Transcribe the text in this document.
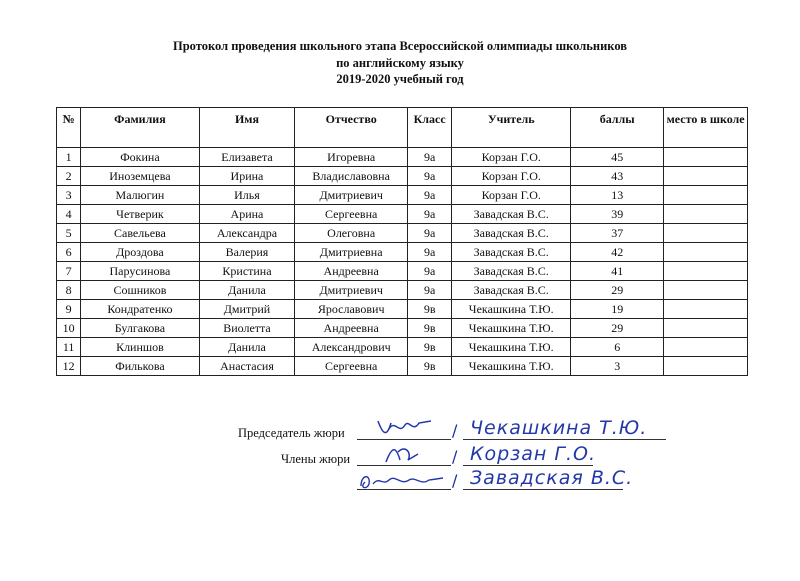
Протокол проведения школьного этапа Всероссийской олимпиады школьников
по английскому языку
2019-2020 учебный год
№	Фамилия	Имя	Отчество	Класс	Учитель	баллы	место в школе
1	Фокина	Елизавета	Игоревна	9а	Корзан Г.О.	45	
2	Иноземцева	Ирина	Владиславовна	9а	Корзан Г.О.	43	
3	Малюгин	Илья	Дмитриевич	9а	Корзан Г.О.	13	
4	Четверик	Арина	Сергеевна	9а	Завадская В.С.	39	
5	Савельева	Александра	Олеговна	9а	Завадская В.С.	37	
6	Дроздова	Валерия	Дмитриевна	9а	Завадская В.С.	42	
7	Парусинова	Кристина	Андреевна	9а	Завадская В.С.	41	
8	Сошников	Данила	Дмитриевич	9а	Завадская В.С.	29	
9	Кондратенко	Дмитрий	Ярославович	9в	Чекашкина Т.Ю.	19	
10	Булгакова	Виолетта	Андреевна	9в	Чекашкина Т.Ю.	29	
11	Клиншов	Данила	Александрович	9в	Чекашкина Т.Ю.	6	
12	Филькова	Анастасия	Сергеевна	9в	Чекашкина Т.Ю.	3	
Председатель жюри	/ Чекашкина Т.Ю.
Члены жюри	/ Корзан Г.О.
/ Завадская В.С.
